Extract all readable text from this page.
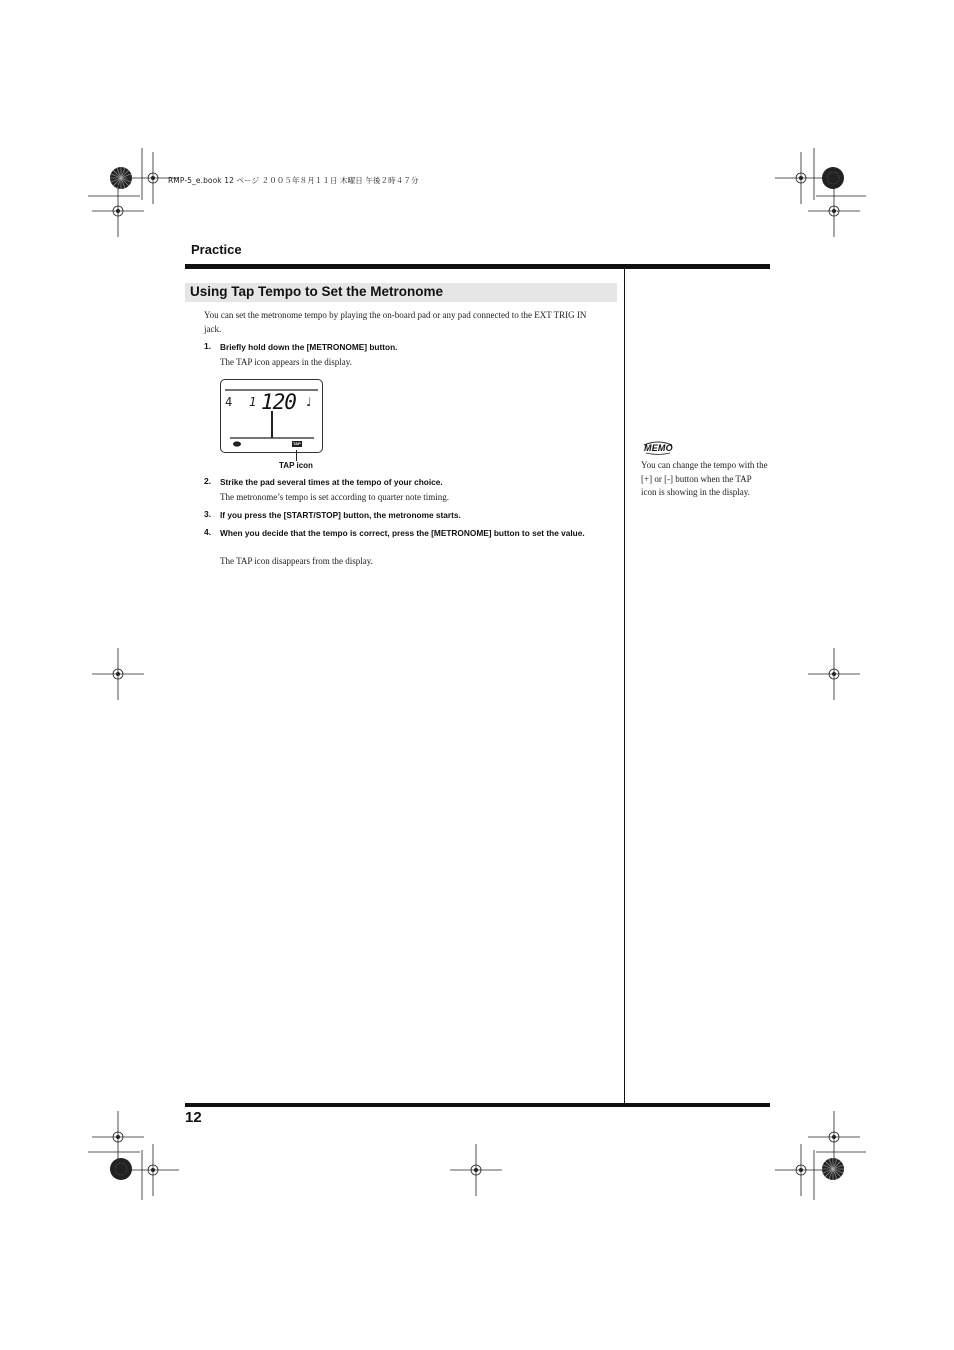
RMP-5_e.book 12 ページ ２００５年８月１１日 木曜日 午後２時４７分
Practice
Using Tap Tempo to Set the Metronome
You can set the metronome tempo by playing the on-board pad or any pad connected to the EXT TRIG IN jack.
1. Briefly hold down the [METRONOME] button.
The TAP icon appears in the display.
4 1 120 ♩
TAP
TAP icon
2. Strike the pad several times at the tempo of your choice.
The metronome’s tempo is set according to quarter note timing.
3. If you press the [START/STOP] button, the metronome starts.
4. When you decide that the tempo is correct, press the [METRONOME] button to set the value.
The TAP icon disappears from the display.
MEMO
You can change the tempo with the [+] or [-] button when the TAP icon is showing in the display.
12
